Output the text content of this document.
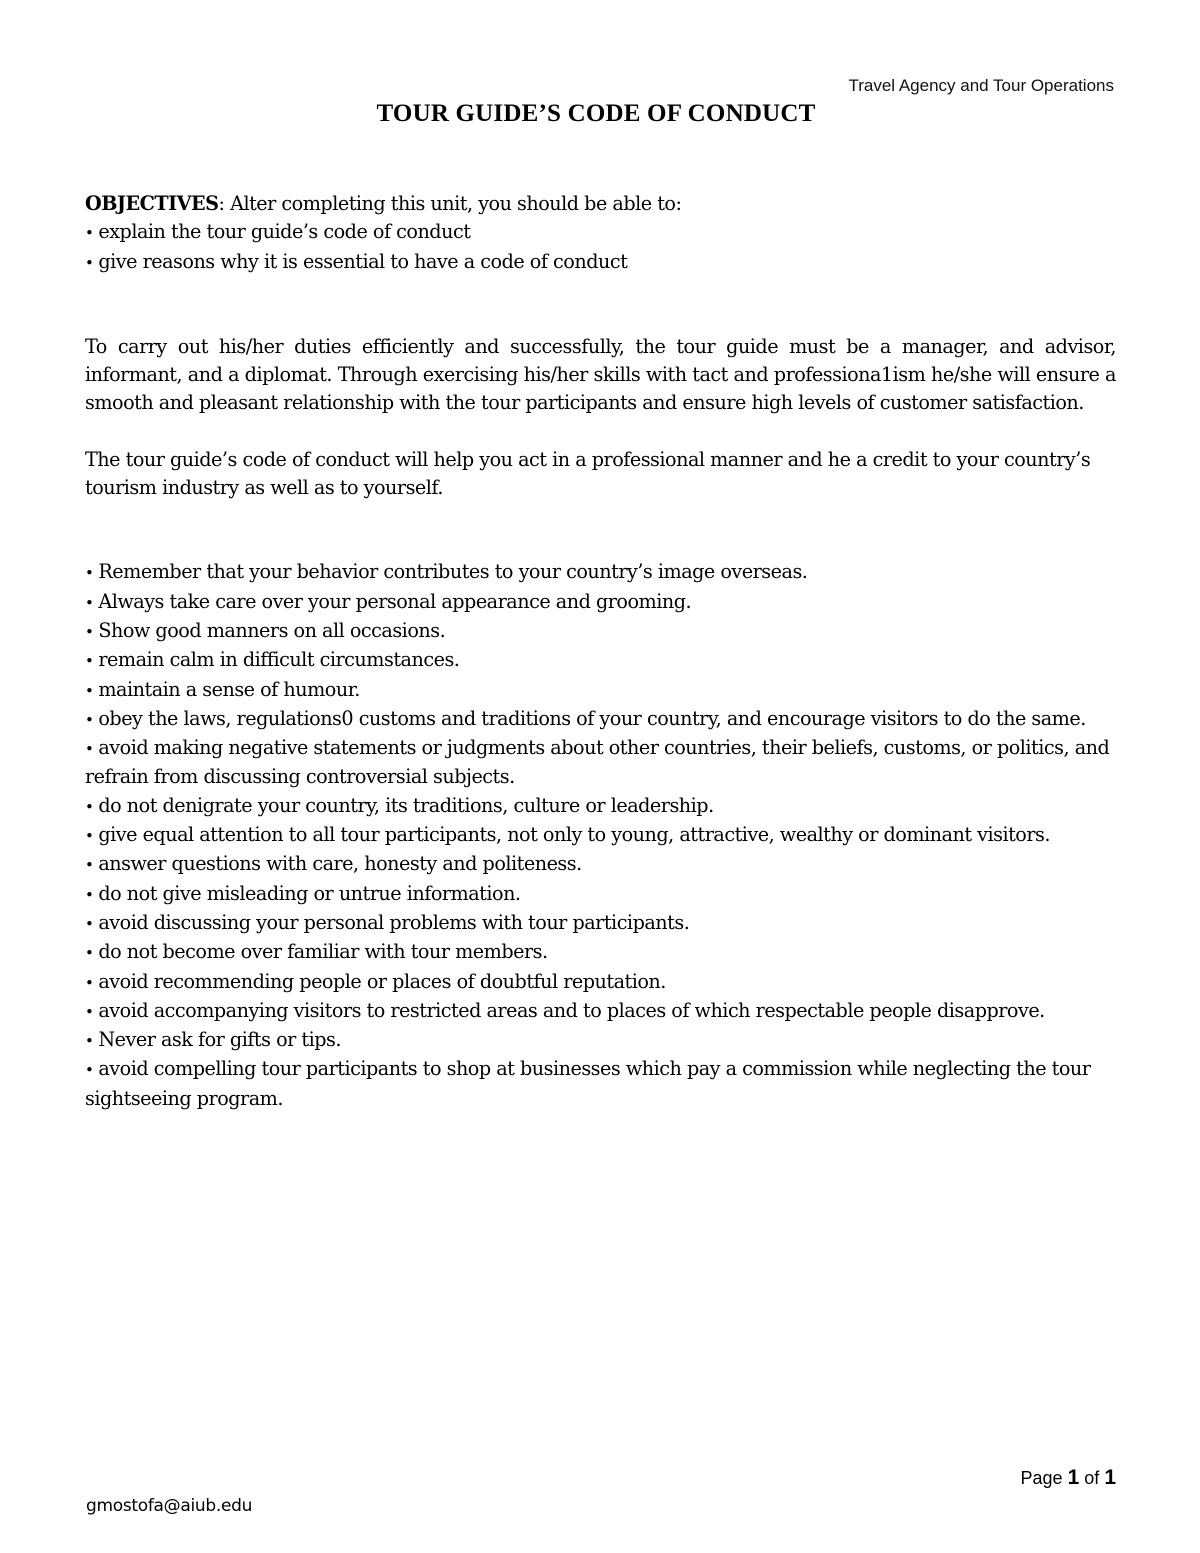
Travel Agency and Tour Operations
TOUR GUIDE’S CODE OF CONDUCT

OBJECTIVES: Alter completing this unit, you should be able to:

•explain the tour guide’s code of conduct
•give reasons why it is essential to have a code of conduct

To carry out his/her duties efficiently and successfully, the tour guide must be a manager, and advisor, informant, and a diplomat. Through exercising his/her skills with tact and professiona1ism he/she will ensure a smooth and pleasant relationship with the tour participants and ensure high levels of customer satisfaction.

The tour guide’s code of conduct will help you act in a professional manner and he a credit to your country’s tourism industry as well as to yourself.

•Remember that your behavior contributes to your country’s image overseas.
•Always take care over your personal appearance and grooming.
•Show good manners on all occasions.
•remain calm in difficult circumstances.
•maintain a sense of humour.
•obey the laws, regulations0 customs and traditions of your country, and encourage visitors to do the same.
•avoid making negative statements or judgments about other countries, their beliefs, customs, or politics, and refrain from discussing controversial subjects.
•do not denigrate your country, its traditions, culture or leadership.
•give equal attention to all tour participants, not only to young, attractive, wealthy or dominant visitors.
•answer questions with care, honesty and politeness.
•do not give misleading or untrue information.
•avoid discussing your personal problems with tour participants.
•do not become over familiar with tour members.
•avoid recommending people or places of doubtful reputation.
•avoid accompanying visitors to restricted areas and to places of which respectable people disapprove.
•Never ask for gifts or tips.
•avoid compelling tour participants to shop at businesses which pay a commission while neglecting the tour sightseeing program.
Page 1 of 1
gmostofa@aiub.edu
